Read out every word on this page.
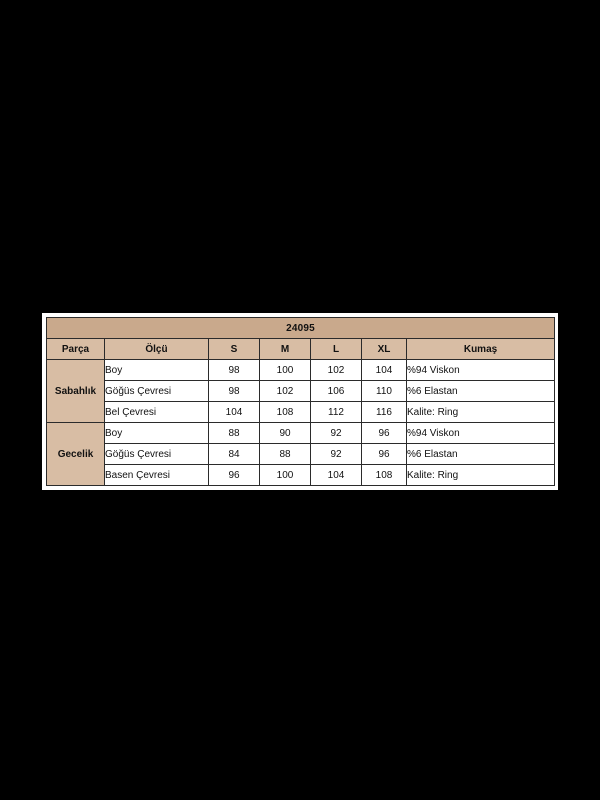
24095						
Parça	Ölçü	S	M	L	XL	Kumaş
Sabahlık	Boy	98	100	102	104	%94 Viskon
	Göğüs Çevresi	98	102	106	110	%6 Elastan
	Bel Çevresi	104	108	112	116	Kalite: Ring
Gecelik	Boy	88	90	92	96	%94 Viskon
	Göğüs Çevresi	84	88	92	96	%6 Elastan
	Basen Çevresi	96	100	104	108	Kalite: Ring
